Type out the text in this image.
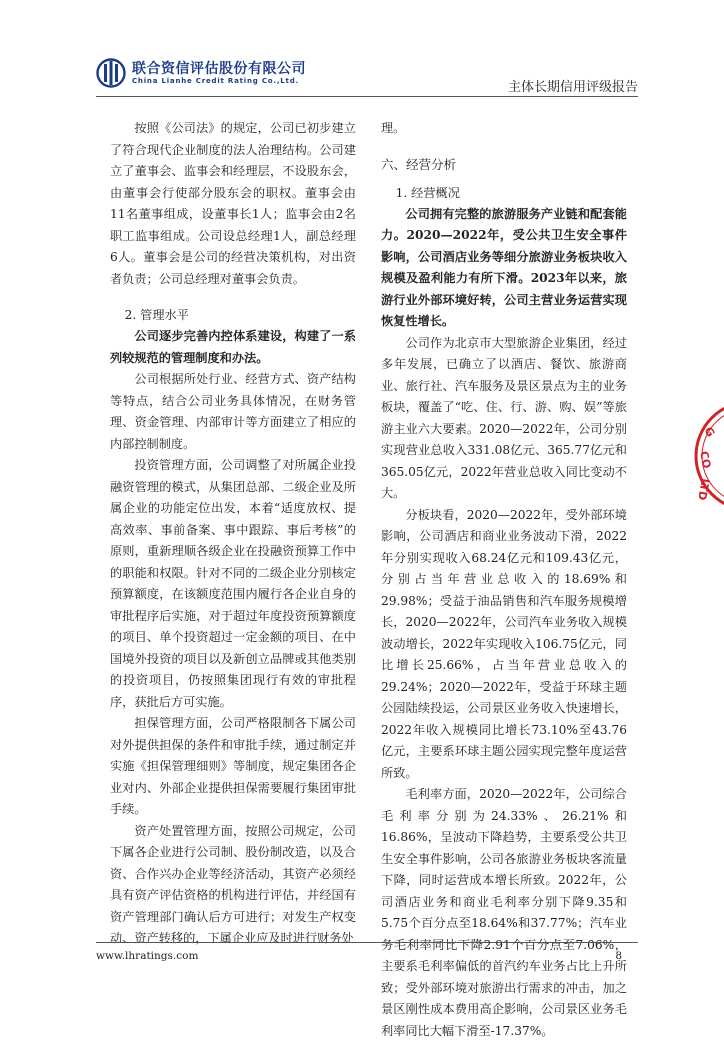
联合资信评估股份有限公司
China Lianhe Credit Rating Co.,Ltd.	主体长期信用评级报告

按照《公司法》的规定，公司已初步建立了符合现代企业制度的法人治理结构。公司建立了董事会、监事会和经理层，不设股东会，由董事会行使部分股东会的职权。董事会由11名董事组成，设董事长1人；监事会由2名职工监事组成。公司设总经理1人，副总经理6人。董事会是公司的经营决策机构，对出资者负责；公司总经理对董事会负责。

2. 管理水平

公司逐步完善内控体系建设，构建了一系列较规范的管理制度和办法。

公司根据所处行业、经营方式、资产结构等特点，结合公司业务具体情况，在财务管理、资金管理、内部审计等方面建立了相应的内部控制制度。

投资管理方面，公司调整了对所属企业投融资管理的模式，从集团总部、二级企业及所属企业的功能定位出发，本着“适度放权、提高效率、事前备案、事中跟踪、事后考核”的原则，重新理顺各级企业在投融资预算工作中的职能和权限。针对不同的二级企业分别核定预算额度，在该额度范围内履行各企业自身的审批程序后实施，对于超过年度投资预算额度的项目、单个投资超过一定金额的项目、在中国境外投资的项目以及新创立品牌或其他类别的投资项目，仍按照集团现行有效的审批程序，获批后方可实施。

担保管理方面，公司严格限制各下属公司对外提供担保的条件和审批手续，通过制定并实施《担保管理细则》等制度，规定集团各企业对内、外部企业提供担保需要履行集团审批手续。

资产处置管理方面，按照公司规定，公司下属各企业进行公司制、股份制改造，以及合资、合作兴办企业等经济活动，其资产必须经具有资产评估资格的机构进行评估，并经国有资产管理部门确认后方可进行；对发生产权变动、资产转移的，下属企业应及时进行财务处

理。

六、经营分析
1. 经营概况

公司拥有完整的旅游服务产业链和配套能力。2020—2022年，受公共卫生安全事件影响，公司酒店业务等细分旅游业务板块收入规模及盈利能力有所下滑。2023年以来，旅游行业外部环境好转，公司主营业务运营实现恢复性增长。

公司作为北京市大型旅游企业集团，经过多年发展，已确立了以酒店、餐饮、旅游商业、旅行社、汽车服务及景区景点为主的业务板块，覆盖了“吃、住、行、游、购、娱”等旅游主业六大要素。2020—2022年，公司分别实现营业总收入331.08亿元、365.77亿元和365.05亿元，2022年营业总收入同比变动不大。

分板块看，2020—2022年，受外部环境影响，公司酒店和商业业务波动下滑，2022年分别实现收入68.24亿元和109.43亿元，分别占当年营业总收入的18.69%和29.98%；受益于油品销售和汽车服务规模增长，2020—2022年，公司汽车业务收入规模波动增长，2022年实现收入106.75亿元，同比增长25.66%，占当年营业总收入的29.24%；2020—2022年，受益于环球主题公园陆续投运，公司景区业务收入快速增长，2022年收入规模同比增长73.10%至43.76亿元，主要系环球主题公园实现完整年度运营所致。

毛利率方面，2020—2022年，公司综合毛利率分别为24.33%、26.21%和16.86%，呈波动下降趋势，主要系受公共卫生安全事件影响，公司各旅游业务板块客流量下降，同时运营成本增长所致。2022年，公司酒店业务和商业毛利率分别下降9.35和5.75个百分点至18.64%和37.77%；汽车业务毛利率同比下降2.91个百分点至7.06%，主要系毛利率偏低的首汽约车业务占比上升所致；受外部环境对旅游出行需求的冲击，加之景区刚性成本费用高企影响，公司景区业务毛利率同比大幅下滑至-17.37%。

G
CO
LTD
www.lhratings.com	8
